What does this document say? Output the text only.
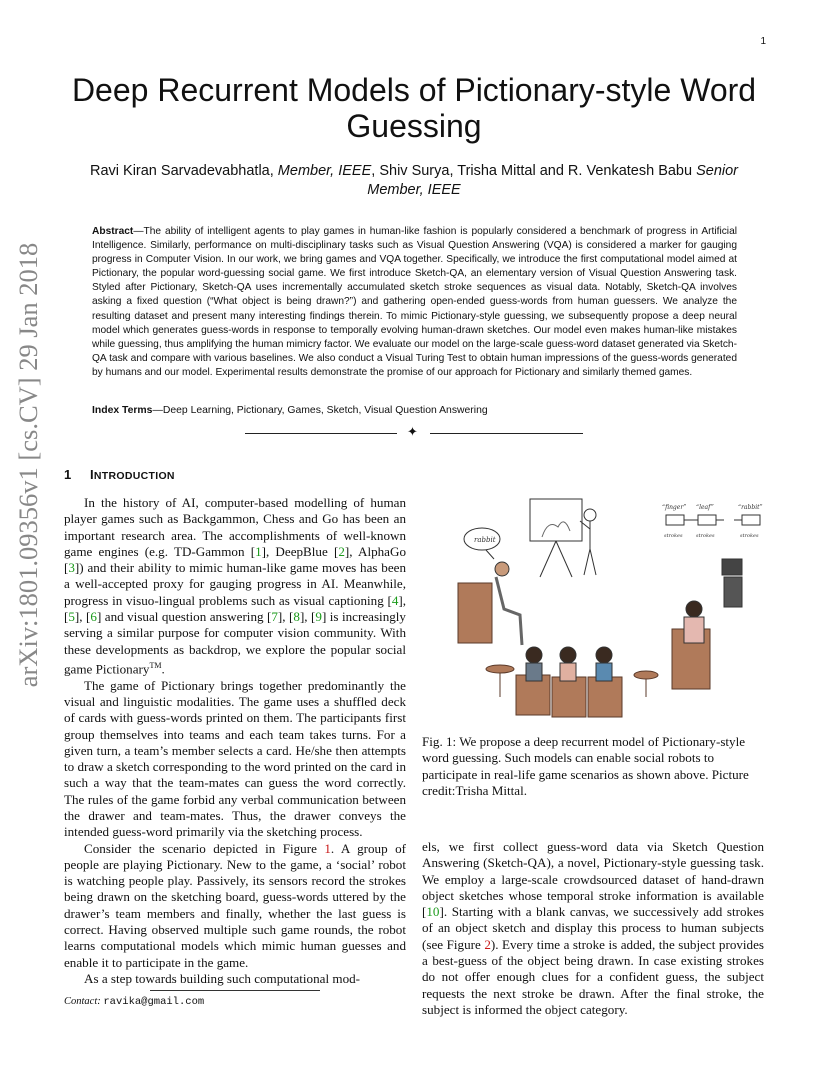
1
Deep Recurrent Models of Pictionary-style Word Guessing
Ravi Kiran Sarvadevabhatla, Member, IEEE, Shiv Surya, Trisha Mittal and R. Venkatesh Babu Senior Member, IEEE
Abstract—The ability of intelligent agents to play games in human-like fashion is popularly considered a benchmark of progress in Artificial Intelligence. Similarly, performance on multi-disciplinary tasks such as Visual Question Answering (VQA) is considered a marker for gauging progress in Computer Vision. In our work, we bring games and VQA together. Specifically, we introduce the first computational model aimed at Pictionary, the popular word-guessing social game. We first introduce Sketch-QA, an elementary version of Visual Question Answering task. Styled after Pictionary, Sketch-QA uses incrementally accumulated sketch stroke sequences as visual data. Notably, Sketch-QA involves asking a fixed question (“What object is being drawn?”) and gathering open-ended guess-words from human guessers. We analyze the resulting dataset and present many interesting findings therein. To mimic Pictionary-style guessing, we subsequently propose a deep neural model which generates guess-words in response to temporally evolving human-drawn sketches. Our model even makes human-like mistakes while guessing, thus amplifying the human mimicry factor. We evaluate our model on the large-scale guess-word dataset generated via Sketch-QA task and compare with various baselines. We also conduct a Visual Turing Test to obtain human impressions of the guess-words generated by humans and our model. Experimental results demonstrate the promise of our approach for Pictionary and similarly themed games.
Index Terms—Deep Learning, Pictionary, Games, Sketch, Visual Question Answering
✦
arXiv:1801.09356v1 [cs.CV] 29 Jan 2018	1 INTRODUCTION

In the history of AI, computer-based modelling of human player games such as Backgammon, Chess and Go has been an important research area. The accomplishments of well-known game engines (e.g. TD-Gammon [1], DeepBlue [2], AlphaGo [3]) and their ability to mimic human-like game moves has been a well-accepted proxy for gauging progress in AI. Meanwhile, progress in visuo-lingual problems such as visual captioning [4], [5], [6] and visual question answering [7], [8], [9] is increasingly serving a similar purpose for computer vision community. With these developments as backdrop, we explore the popular social game Pictionary™.

The game of Pictionary brings together predominantly the visual and linguistic modalities. The game uses a shuffled deck of cards with guess-words printed on them. The participants first group themselves into teams and each team takes turns. For a given turn, a team’s member selects a card. He/she then attempts to draw a sketch corresponding to the word printed on the card in such a way that the team-mates can guess the word correctly. The rules of the game forbid any verbal communication between the drawer and team-mates. Thus, the drawer conveys the intended guess-word primarily via the sketching process.

Consider the scenario depicted in Figure 1. A group of people are playing Pictionary. New to the game, a ‘social’ robot is watching people play. Passively, its sensors record the strokes being drawn on the sketching board, guess-words uttered by the drawer’s team members and finally, whether the last guess is correct. Having observed multiple such game rounds, the robot learns computational models which mimic human guesses and enable it to participate in the game.

As a step towards building such computational mod-

rabbit
“finger” “leaf”	“rabbit”
strokes	strokes	strokes
Fig. 1: We propose a deep recurrent model of Pictionary-style word guessing. Such models can enable social robots to participate in real-life game scenarios as shown above. Picture credit:Trisha Mittal.

els, we first collect guess-word data via Sketch Question Answering (Sketch-QA), a novel, Pictionary-style guessing task. We employ a large-scale crowdsourced dataset of hand-drawn object sketches whose temporal stroke information is available [10]. Starting with a blank canvas, we successively add strokes of an object sketch and display this process to human subjects (see Figure 2). Every time a stroke is added, the subject provides a best-guess of the object being drawn. In case existing strokes do not offer enough clues for a confident guess, the subject requests the next stroke be drawn. After the final stroke, the subject is informed the object category.

Contact: ravika@gmail.com
